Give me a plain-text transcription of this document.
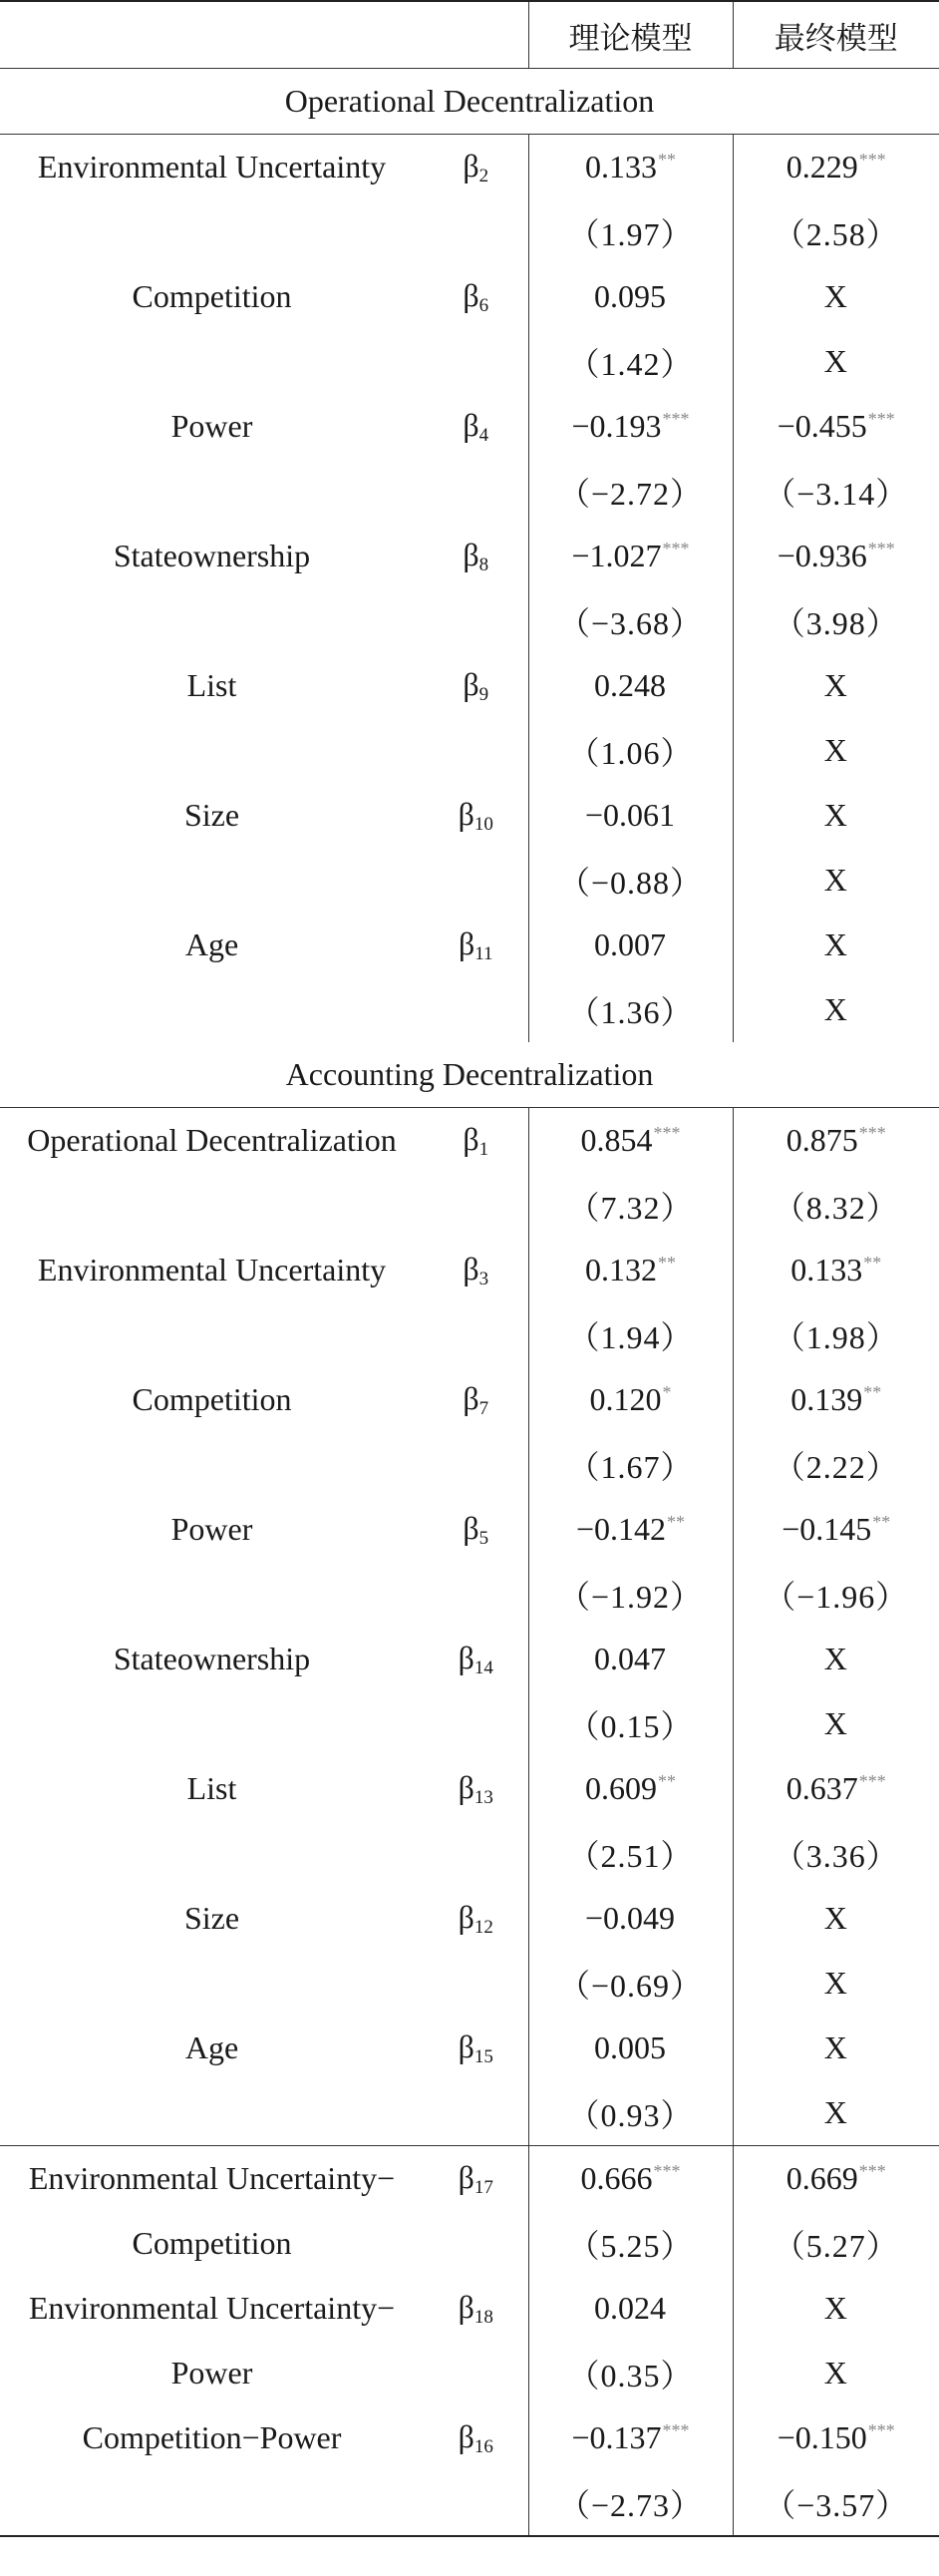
		理论模型	最终模型
Operational Decentralization			
Environmental Uncertainty	$\beta_2$	0.133**	0.229***
		（1.97）	（2.58）
Competition	$\beta_6$	0.095	X
		（1.42）	X
Power	$\beta_4$	−0.193***	−0.455***
		（−2.72）	（−3.14）
Stateownership	$\beta_8$	−1.027***	−0.936***
		（−3.68）	（3.98）
List	$\beta_9$	0.248	X
		（1.06）	X
Size	$\beta_{10}$	−0.061	X
		（−0.88）	X
Age	$\beta_{11}$	0.007	X
		（1.36）	X
Accounting Decentralization			
Operational Decentralization	$\beta_1$	0.854***	0.875***
		（7.32）	（8.32）
Environmental Uncertainty	$\beta_3$	0.132**	0.133**
		（1.94）	（1.98）
Competition	$\beta_7$	0.120*	0.139**
		（1.67）	（2.22）
Power	$\beta_5$	−0.142**	−0.145**
		（−1.92）	（−1.96）
Stateownership	$\beta_{14}$	0.047	X
		（0.15）	X
List	$\beta_{13}$	0.609**	0.637***
		（2.51）	（3.36）
Size	$\beta_{12}$	−0.049	X
		（−0.69）	X
Age	$\beta_{15}$	0.005	X
		（0.93）	X
Environmental Uncertainty−	$\beta_{17}$	0.666***	0.669***
Competition		（5.25）	（5.27）
Environmental Uncertainty−	$\beta_{18}$	0.024	X
Power		（0.35）	X
Competition−Power	$\beta_{16}$	−0.137***	−0.150***
		（−2.73）	（−3.57）
